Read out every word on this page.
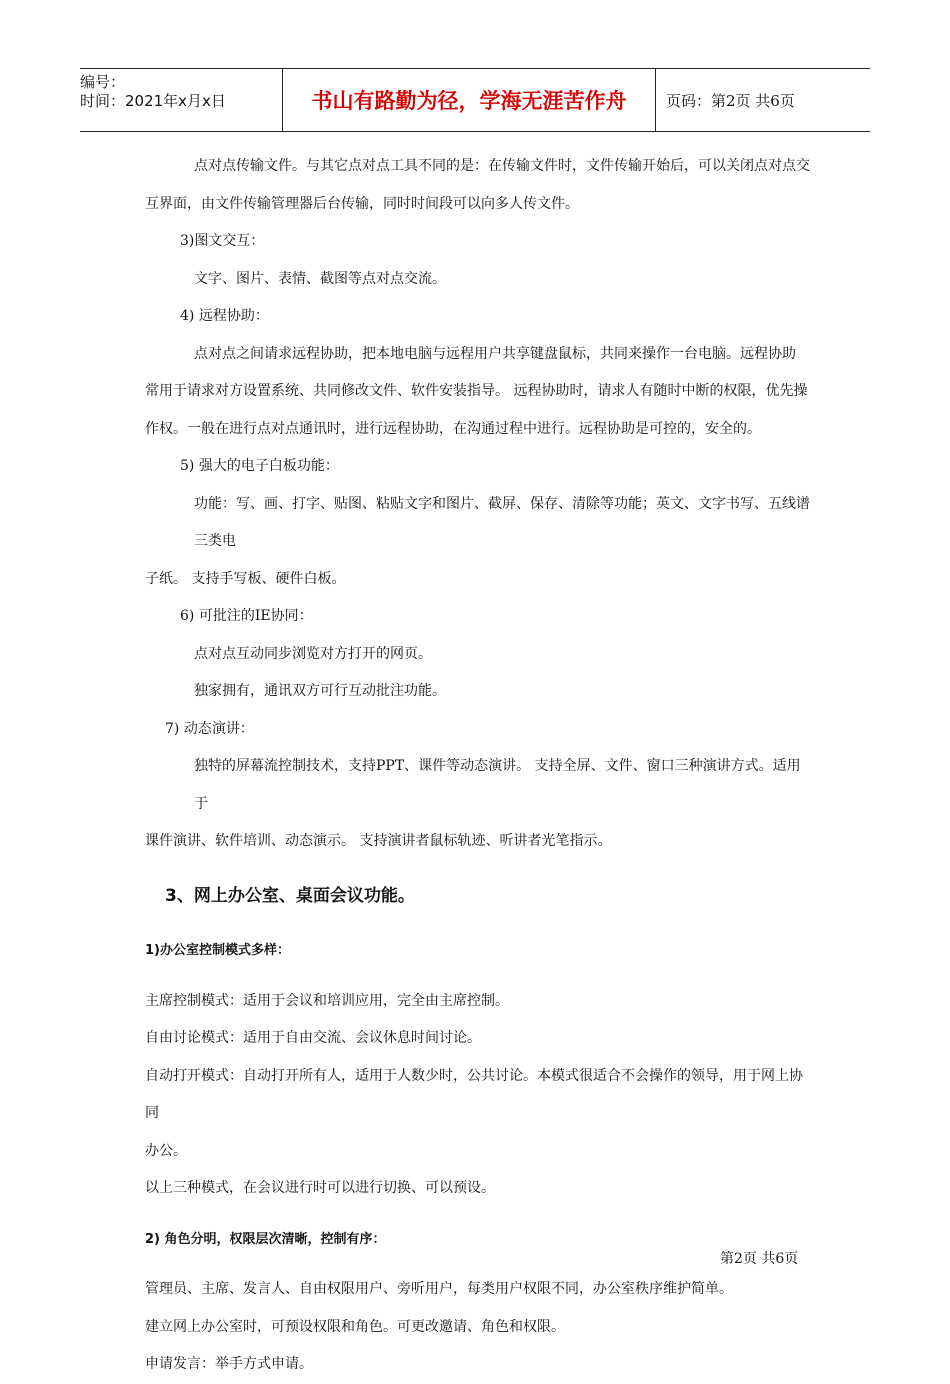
编号：
时间：2021年x月x日	书山有路勤为径，学海无涯苦作舟	页码：第2页 共6页

点对点传输文件。与其它点对点工具不同的是：在传输文件时，文件传输开始后，可以关闭点对点交

互界面，由文件传输管理器后台传输，同时时间段可以向多人传文件。

3)图文交互：

文字、图片、表情、截图等点对点交流。

4) 远程协助：

点对点之间请求远程协助，把本地电脑与远程用户共享键盘鼠标，共同来操作一台电脑。远程协助

常用于请求对方设置系统、共同修改文件、软件安装指导。 远程协助时，请求人有随时中断的权限，优先操

作权。一般在进行点对点通讯时，进行远程协助，在沟通过程中进行。远程协助是可控的，安全的。

5) 强大的电子白板功能：

功能：写、画、打字、贴图、粘贴文字和图片、截屏、保存、清除等功能；英文、文字书写、五线谱三类电

子纸。 支持手写板、硬件白板。

6) 可批注的IE协同：

点对点互动同步浏览对方打开的网页。

独家拥有，通讯双方可行互动批注功能。

7) 动态演讲：

独特的屏幕流控制技术，支持PPT、课件等动态演讲。 支持全屏、文件、窗口三种演讲方式。适用于

课件演讲、软件培训、动态演示。 支持演讲者鼠标轨迹、听讲者光笔指示。

3、网上办公室、桌面会议功能。

1)办公室控制模式多样：

主席控制模式：适用于会议和培训应用，完全由主席控制。

自由讨论模式：适用于自由交流、会议休息时间讨论。

自动打开模式：自动打开所有人，适用于人数少时，公共讨论。本模式很适合不会操作的领导，用于网上协同

办公。

以上三种模式，在会议进行时可以进行切换、可以预设。

2) 角色分明，权限层次清晰，控制有序：

管理员、主席、发言人、自由权限用户、旁听用户，每类用户权限不同，办公室秩序维护简单。

建立网上办公室时，可预设权限和角色。可更改邀请、角色和权限。

申请发言：举手方式申请。

第2页 共6页
